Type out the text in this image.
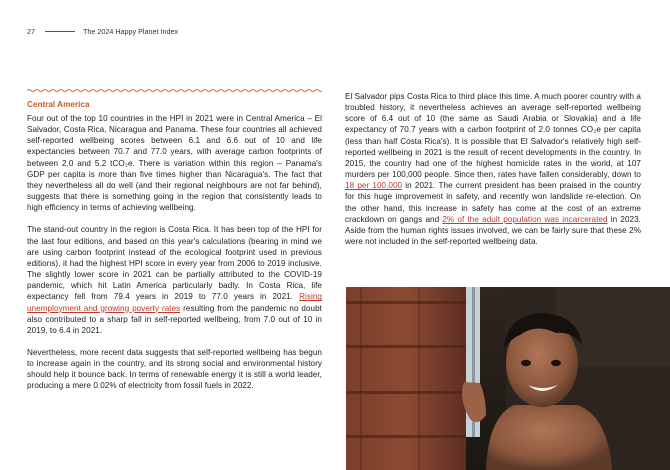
27	The 2024 Happy Planet Index
Central America

Four out of the top 10 countries in the HPI in 2021 were in Central America – El Salvador, Costa Rica, Nicaragua and Panama. These four countries all achieved self-reported wellbeing scores between 6.1 and 6.6 out of 10 and life expectancies between 70.7 and 77.0 years, with average carbon footprints of between 2.0 and 5.2 tCO₂e. There is variation within this region – Panama's GDP per capita is more than five times higher than Nicaragua's. The fact that they nevertheless all do well (and their regional neighbours are not far behind), suggests that there is something going in the region that consistently leads to high efficiency in terms of achieving wellbeing.

The stand-out country in the region is Costa Rica. It has been top of the HPI for the last four editions, and based on this year's calculations (bearing in mind we are using carbon footprint instead of the ecological footprint used in previous editions), it had the highest HPI score in every year from 2006 to 2019 inclusive. The slightly lower score in 2021 can be partially attributed to the COVID-19 pandemic, which hit Latin America particularly badly. In Costa Rica, life expectancy fell from 79.4 years in 2019 to 77.0 years in 2021. Rising unemployment and growing poverty rates resulting from the pandemic no doubt also contributed to a sharp fall in self-reported wellbeing, from 7.0 out of 10 in 2019, to 6.4 in 2021.

Nevertheless, more recent data suggests that self-reported wellbeing has begun to increase again in the country, and its strong social and environmental history should help it bounce back. In terms of renewable energy it is still a world leader, producing a mere 0.02% of electricity from fossil fuels in 2022.

El Salvador pips Costa Rica to third place this time. A much poorer country with a troubled history, it nevertheless achieves an average self-reported wellbeing score of 6.4 out of 10 (the same as Saudi Arabia or Slovakia) and a life expectancy of 70.7 years with a carbon footprint of 2.0 tonnes CO₂e per capita (less than half Costa Rica's). It is possible that El Salvador's relatively high self-reported wellbeing in 2021 is the result of recent developments in the country. In 2015, the country had one of the highest homicide rates in the world, at 107 murders per 100,000 people. Since then, rates have fallen considerably, down to 18 per 100,000 in 2021. The current president has been praised in the country for this huge improvement in safety, and recently won landslide re-election. On the other hand, this increase in safety has come at the cost of an extreme crackdown on gangs and 2% of the adult population was incarcerated in 2023. Aside from the human rights issues involved, we can be fairly sure that these 2% were not included in the self-reported wellbeing data.
